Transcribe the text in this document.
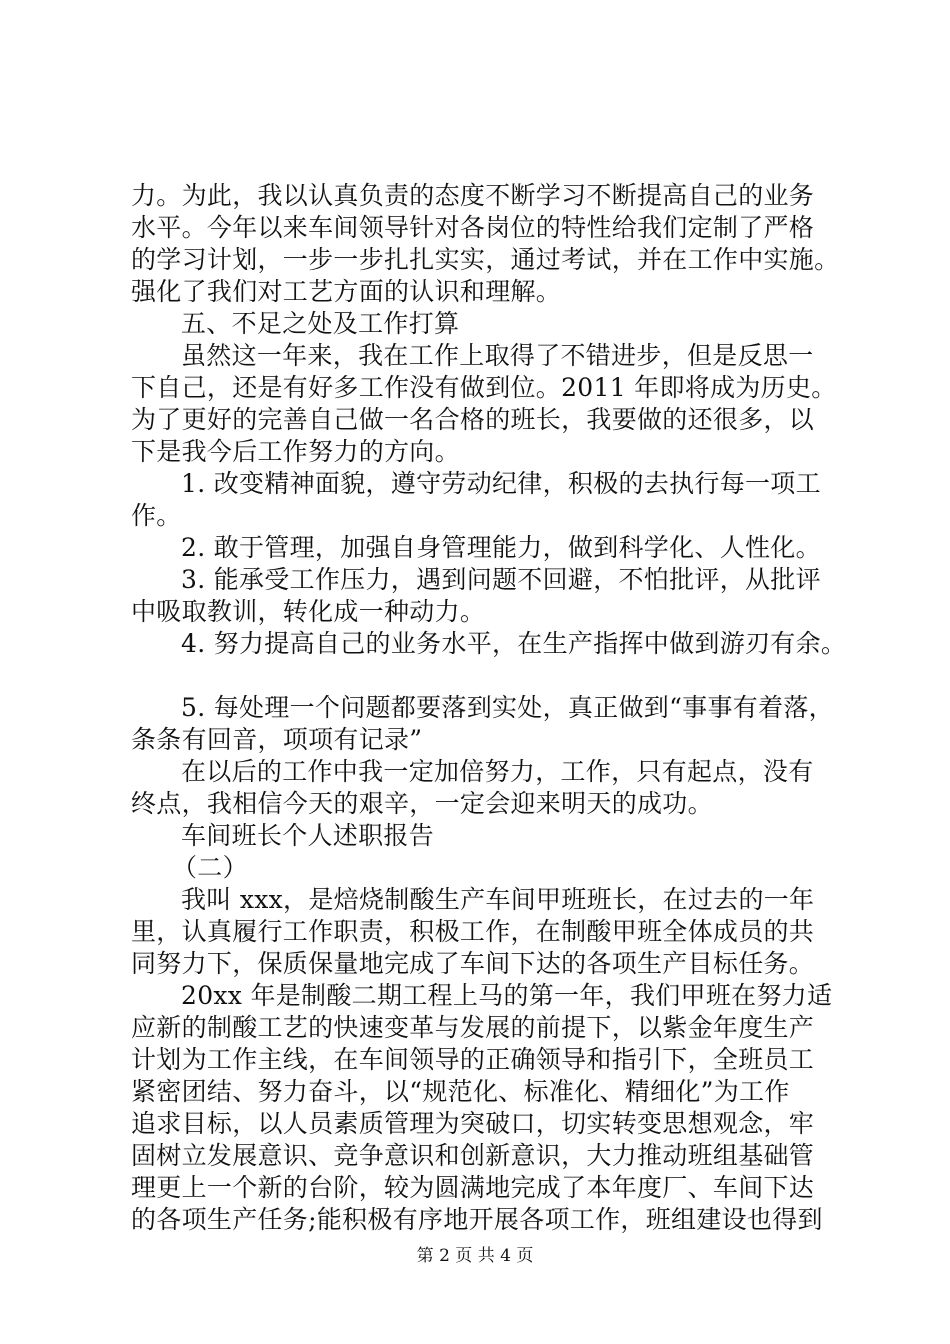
力。为此，我以认真负责的态度不断学习不断提高自己的业务
水平。今年以来车间领导针对各岗位的特性给我们定制了严格
的学习计划，一步一步扎扎实实，通过考试，并在工作中实施。
强化了我们对工艺方面的认识和理解。
五、不足之处及工作打算
虽然这一年来，我在工作上取得了不错进步，但是反思一
下自己，还是有好多工作没有做到位。2011 年即将成为历史。
为了更好的完善自己做一名合格的班长，我要做的还很多，以
下是我今后工作努力的方向。
1. 改变精神面貌，遵守劳动纪律，积极的去执行每一项工
作。
2. 敢于管理，加强自身管理能力，做到科学化、人性化。
3. 能承受工作压力，遇到问题不回避，不怕批评，从批评
中吸取教训，转化成一种动力。
4. 努力提高自己的业务水平，在生产指挥中做到游刃有余。
5. 每处理一个问题都要落到实处，真正做到“事事有着落，
条条有回音，项项有记录”
在以后的工作中我一定加倍努力，工作，只有起点，没有
终点，我相信今天的艰辛，一定会迎来明天的成功。
车间班长个人述职报告
（二）
我叫 xxx，是焙烧制酸生产车间甲班班长，在过去的一年
里，认真履行工作职责，积极工作，在制酸甲班全体成员的共
同努力下，保质保量地完成了车间下达的各项生产目标任务。
20xx 年是制酸二期工程上马的第一年，我们甲班在努力适
应新的制酸工艺的快速变革与发展的前提下，以紫金年度生产
计划为工作主线，在车间领导的正确领导和指引下，全班员工
紧密团结、努力奋斗，以“规范化、标准化、精细化”为工作
追求目标，以人员素质管理为突破口，切实转变思想观念，牢
固树立发展意识、竞争意识和创新意识，大力推动班组基础管
理更上一个新的台阶，较为圆满地完成了本年度厂、车间下达
的各项生产任务;能积极有序地开展各项工作，班组建设也得到
第 2 页 共 4 页
